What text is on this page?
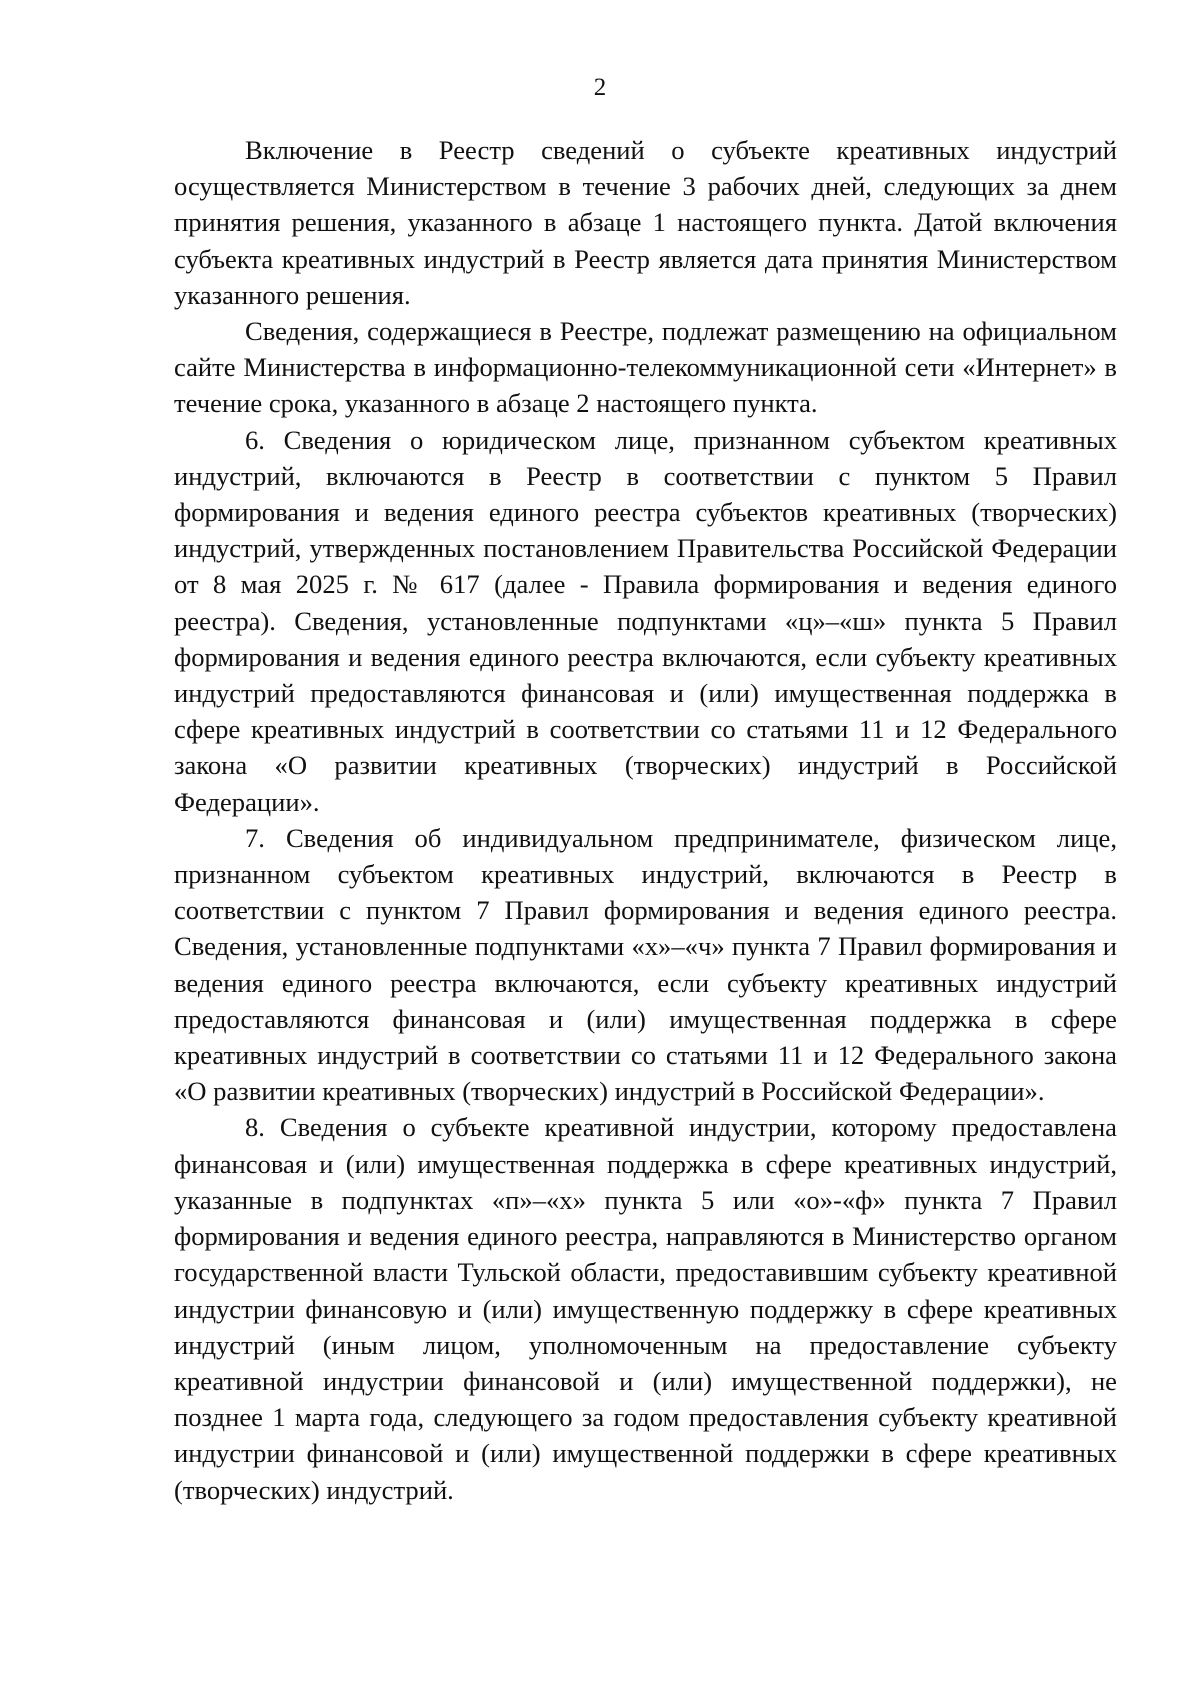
2

Включение в Реестр сведений о субъекте креативных индустрий осуществляется Министерством в течение 3 рабочих дней, следующих за днем принятия решения, указанного в абзаце 1 настоящего пункта. Датой включения субъекта креативных индустрий в Реестр является дата принятия Министерством указанного решения.

Сведения, содержащиеся в Реестре, подлежат размещению на официальном сайте Министерства в информационно-телекоммуникационной сети «Интернет» в течение срока, указанного в абзаце 2 настоящего пункта.

6. Сведения о юридическом лице, признанном субъектом креативных индустрий, включаются в Реестр в соответствии с пунктом 5 Правил формирования и ведения единого реестра субъектов креативных (творческих) индустрий, утвержденных постановлением Правительства Российской Федерации от 8 мая 2025 г. № 617 (далее - Правила формирования и ведения единого реестра). Сведения, установленные подпунктами «ц»–«ш» пункта 5 Правил формирования и ведения единого реестра включаются, если субъекту креативных индустрий предоставляются финансовая и (или) имущественная поддержка в сфере креативных индустрий в соответствии со статьями 11 и 12 Федерального закона «О развитии креативных (творческих) индустрий в Российской Федерации».

7. Сведения об индивидуальном предпринимателе, физическом лице, признанном субъектом креативных индустрий, включаются в Реестр в соответствии с пунктом 7 Правил формирования и ведения единого реестра. Сведения, установленные подпунктами «х»–«ч» пункта 7 Правил формирования и ведения единого реестра включаются, если субъекту креативных индустрий предоставляются финансовая и (или) имущественная поддержка в сфере креативных индустрий в соответствии со статьями 11 и 12 Федерального закона «О развитии креативных (творческих) индустрий в Российской Федерации».

8. Сведения о субъекте креативной индустрии, которому предоставлена финансовая и (или) имущественная поддержка в сфере креативных индустрий, указанные в подпунктах «п»–«х» пункта 5 или «о»-«ф» пункта 7 Правил формирования и ведения единого реестра, направляются в Министерство органом государственной власти Тульской области, предоставившим субъекту креативной индустрии финансовую и (или) имущественную поддержку в сфере креативных индустрий (иным лицом, уполномоченным на предоставление субъекту креативной индустрии финансовой и (или) имущественной поддержки), не позднее 1 марта года, следующего за годом предоставления субъекту креативной индустрии финансовой и (или) имущественной поддержки в сфере креативных (творческих) индустрий.
